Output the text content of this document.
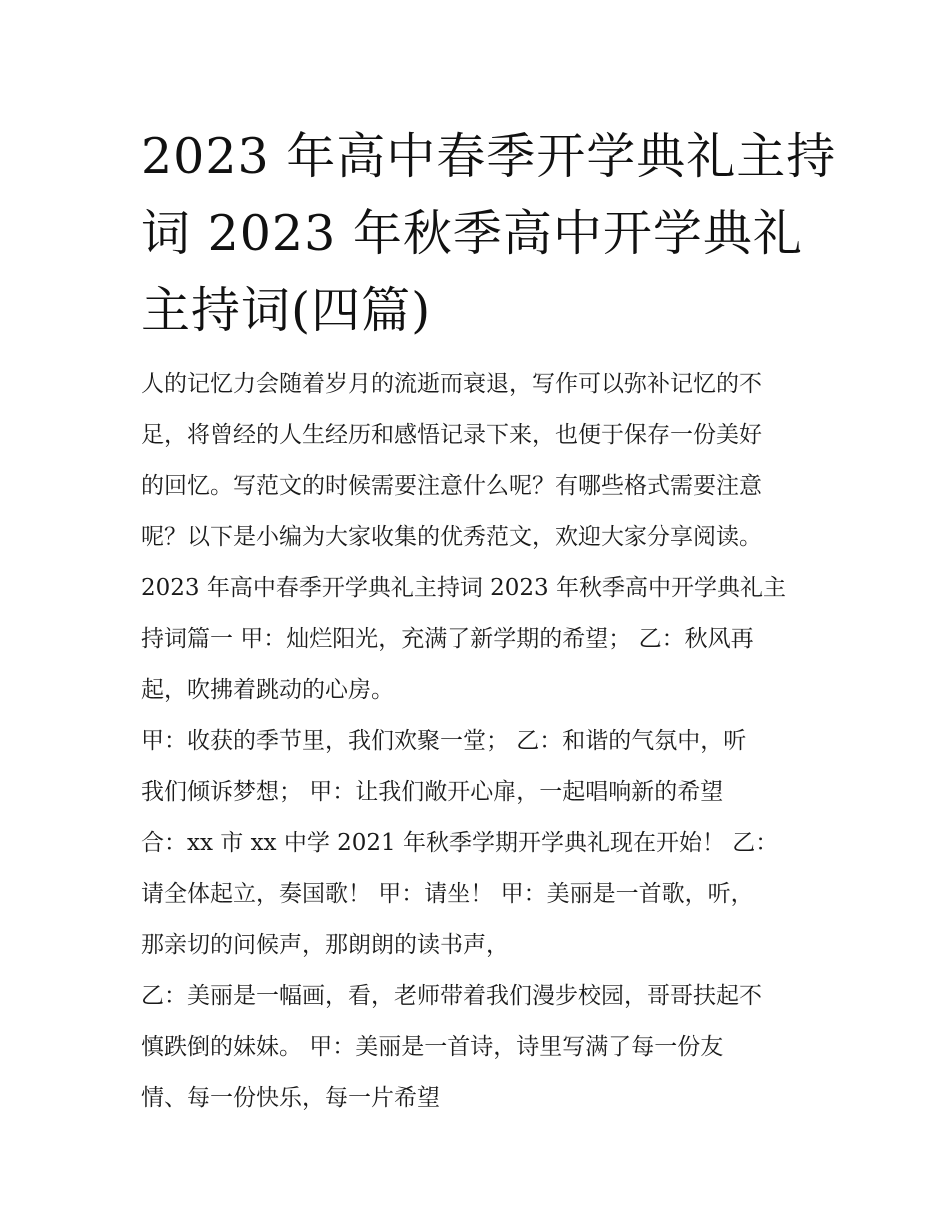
2023 年高中春季开学典礼主持
词 2023 年秋季高中开学典礼
主持词(四篇)
人的记忆力会随着岁月的流逝而衰退，写作可以弥补记忆的不
足，将曾经的人生经历和感悟记录下来，也便于保存一份美好
的回忆。写范文的时候需要注意什么呢？有哪些格式需要注意
呢？以下是小编为大家收集的优秀范文，欢迎大家分享阅读。
2023 年高中春季开学典礼主持词 2023 年秋季高中开学典礼主
持词篇一 甲：灿烂阳光，充满了新学期的希望； 乙：秋风再
起，吹拂着跳动的心房。
甲：收获的季节里，我们欢聚一堂； 乙：和谐的气氛中，听
我们倾诉梦想； 甲：让我们敞开心扉，一起唱响新的希望
合：xx 市 xx 中学 2021 年秋季学期开学典礼现在开始！ 乙：
请全体起立，奏国歌！ 甲：请坐！ 甲：美丽是一首歌，听，
那亲切的问候声，那朗朗的读书声，
乙：美丽是一幅画，看，老师带着我们漫步校园，哥哥扶起不
慎跌倒的妹妹。 甲：美丽是一首诗，诗里写满了每一份友
情、每一份快乐，每一片希望
